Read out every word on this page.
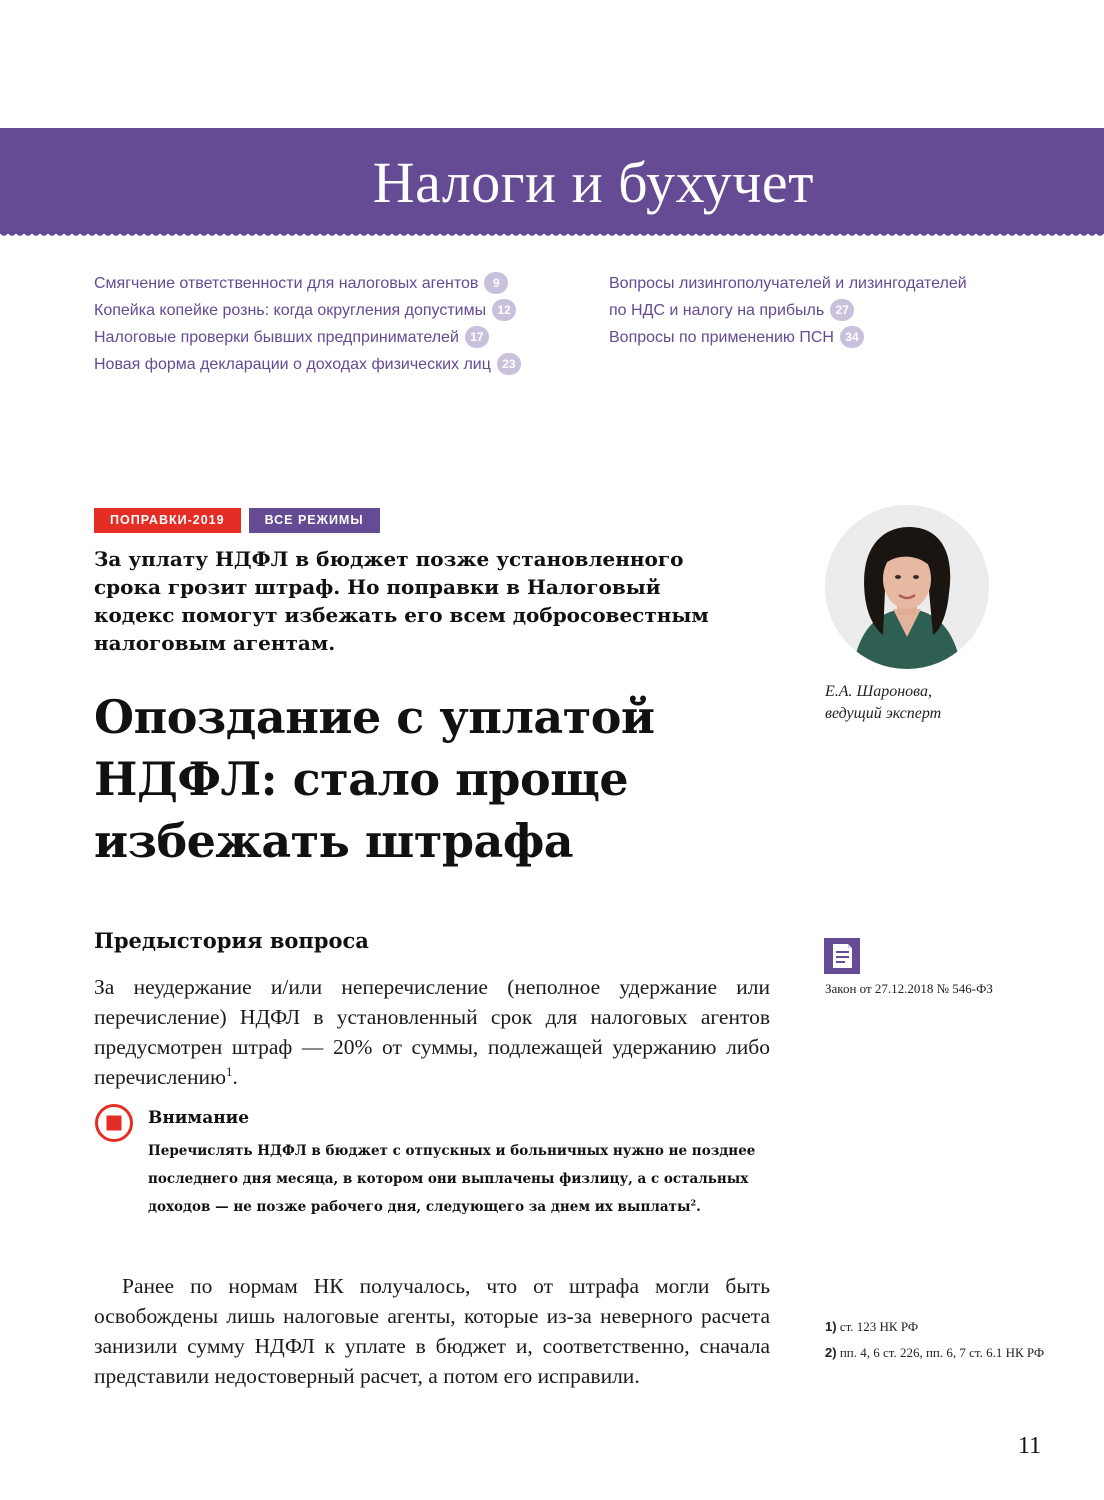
Налоги и бухучет
Смягчение ответственности для налоговых агентов 9
Копейка копейке рознь: когда округления допустимы 12
Налоговые проверки бывших предпринимателей 17
Новая форма декларации о доходах физических лиц 23
Вопросы лизингополучателей и лизингодателей
по НДС и налогу на прибыль 27
Вопросы по применению ПСН 34
ПОПРАВКИ-2019	ВСЕ РЕЖИМЫ

За уплату НДФЛ в бюджет позже установленного срока грозит штраф. Но поправки в Налоговый кодекс помогут избежать его всем добросовестным налоговым агентам.

Опоздание с уплатой
НДФЛ: стало проще
избежать штрафа
Е.А. Шаронова,
ведущий эксперт
Предыстория вопроса

За неудержание и/или неперечисление (неполное удержание или перечисление) НДФЛ в установленный срок для налоговых агентов предусмотрен штраф — 20% от суммы, подлежащей удержанию либо перечислению$^1$.

Закон от 27.12.2018 № 546-ФЗ
Внимание

Перечислять НДФЛ в бюджет с отпускных и больничных нужно не позднее последнего дня месяца, в котором они выплачены физлицу, а с остальных доходов — не позже рабочего дня, следующего за днем их выплаты$^2$.

Ранее по нормам НК получалось, что от штрафа могли быть освобождены лишь налоговые агенты, которые из-за неверного расчета занизили сумму НДФЛ к уплате в бюджет и, соответственно, сначала представили недостоверный расчет, а потом его исправили.

1) ст. 123 НК РФ
2) пп. 4, 6 ст. 226, пп. 6, 7 ст. 6.1 НК РФ
11
